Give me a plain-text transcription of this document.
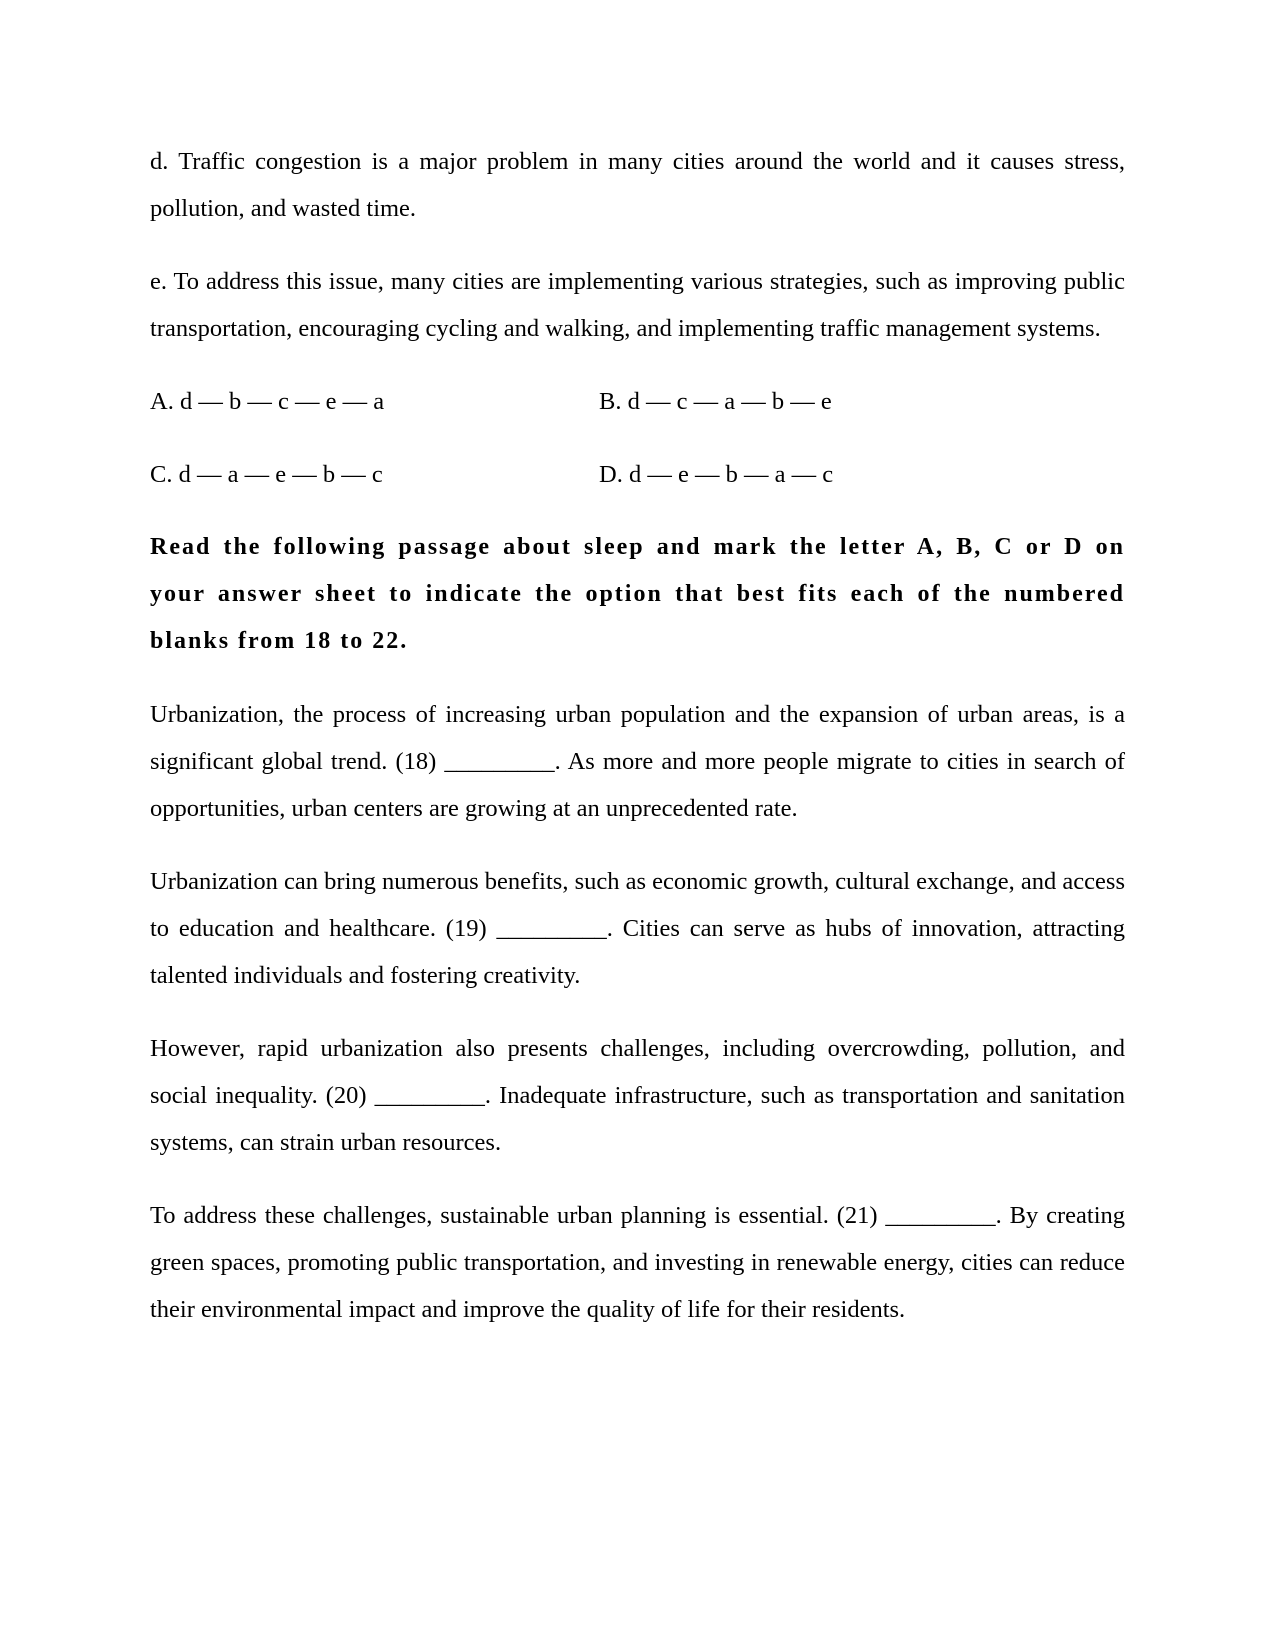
d. Traffic congestion is a major problem in many cities around the world and it causes stress, pollution, and wasted time.

e. To address this issue, many cities are implementing various strategies, such as improving public transportation, encouraging cycling and walking, and implementing traffic management systems.

A. d — b — c — e — a	B. d — c — a — b — e
C. d — a — e — b — c	D. d — e — b — a — c

Read the following passage about sleep and mark the letter A, B, C or D on your answer sheet to indicate the option that best fits each of the numbered blanks from 18 to 22.

Urbanization, the process of increasing urban population and the expansion of urban areas, is a significant global trend. (18) _________. As more and more people migrate to cities in search of opportunities, urban centers are growing at an unprecedented rate.

Urbanization can bring numerous benefits, such as economic growth, cultural exchange, and access to education and healthcare. (19) _________. Cities can serve as hubs of innovation, attracting talented individuals and fostering creativity.

However, rapid urbanization also presents challenges, including overcrowding, pollution, and social inequality. (20) _________. Inadequate infrastructure, such as transportation and sanitation systems, can strain urban resources.

To address these challenges, sustainable urban planning is essential. (21) _________. By creating green spaces, promoting public transportation, and investing in renewable energy, cities can reduce their environmental impact and improve the quality of life for their residents.
